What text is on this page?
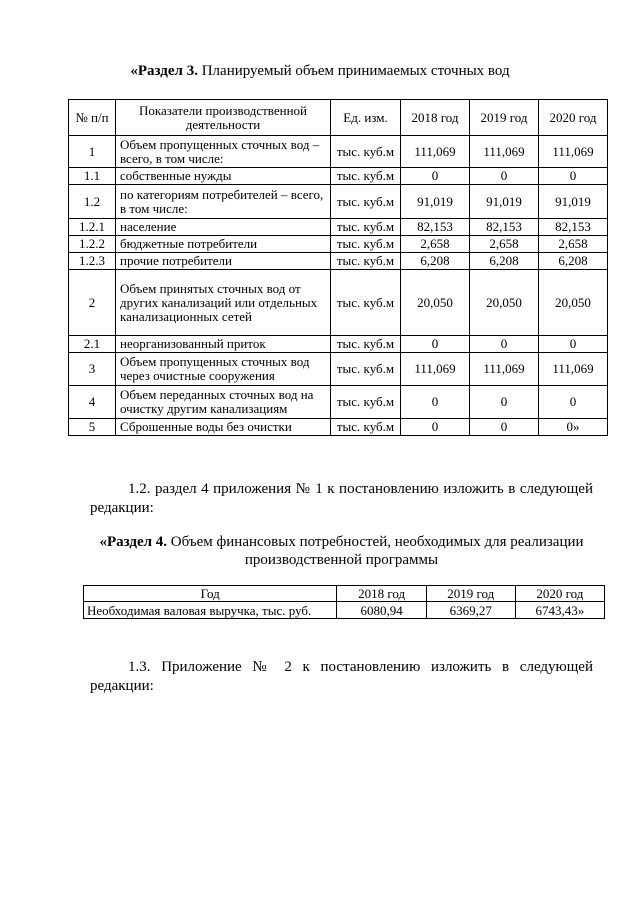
«Раздел 3. Планируемый объем принимаемых сточных вод
№ п/п	Показатели производственной деятельности	Ед. изм.	2018 год	2019 год	2020 год
1	Объем пропущенных сточных вод – всего, в том числе:	тыс. куб.м	111,069	111,069	111,069
1.1	собственные нужды	тыс. куб.м	0	0	0
1.2	по категориям потребителей – всего, в том числе:	тыс. куб.м	91,019	91,019	91,019
1.2.1	население	тыс. куб.м	82,153	82,153	82,153
1.2.2	бюджетные потребители	тыс. куб.м	2,658	2,658	2,658
1.2.3	прочие потребители	тыс. куб.м	6,208	6,208	6,208
2	Объем принятых сточных вод от других канализаций или отдельных канализационных сетей	тыс. куб.м	20,050	20,050	20,050
2.1	неорганизованный приток	тыс. куб.м	0	0	0
3	Объем пропущенных сточных вод через очистные сооружения	тыс. куб.м	111,069	111,069	111,069
4	Объем переданных сточных вод на очистку другим канализациям	тыс. куб.м	0	0	0
5	Сброшенные воды без очистки	тыс. куб.м	0	0	0»
1.2. раздел 4 приложения № 1 к постановлению изложить в следующей
редакции:
«Раздел 4. Объем финансовых потребностей, необходимых для реализации производственной программы
Год	2018 год	2019 год	2020 год
Необходимая валовая выручка, тыс. руб.	6080,94	6369,27	6743,43»
1.3. Приложение № 2 к постановлению изложить в следующей
редакции:
